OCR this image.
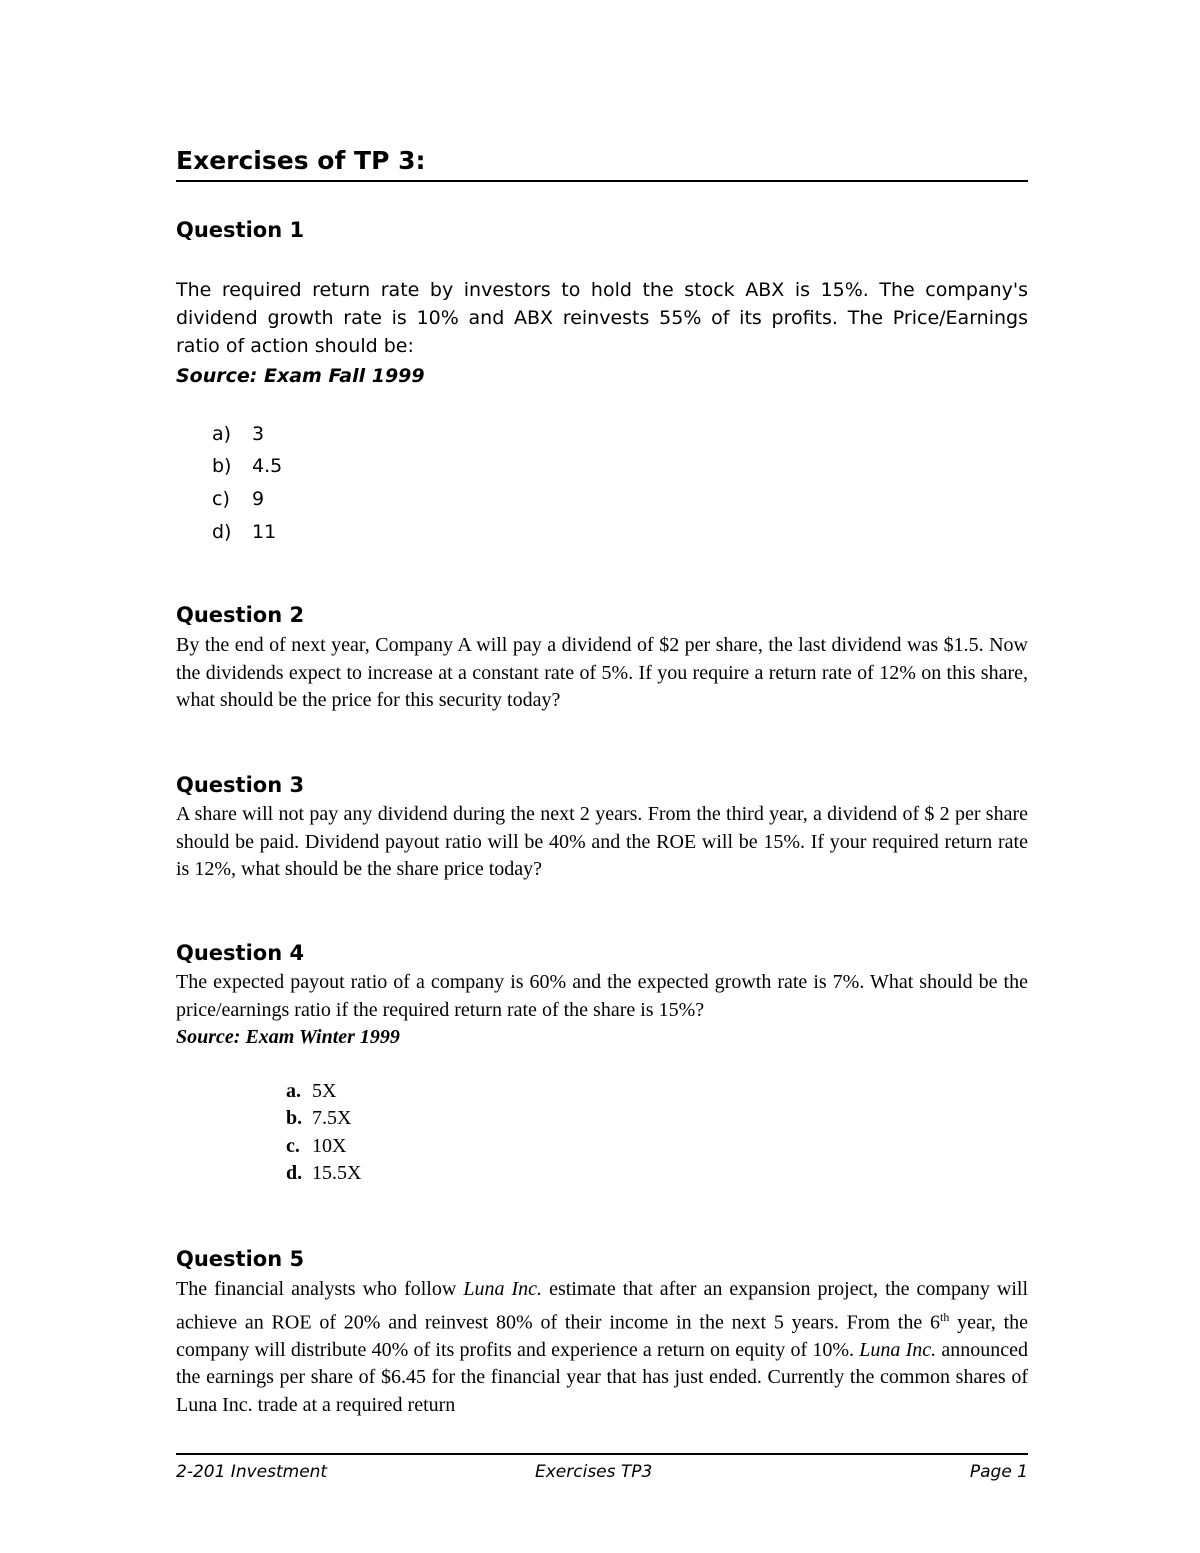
Exercises of TP 3:
Question 1

The required return rate by investors to hold the stock ABX is 15%. The company's dividend growth rate is 10% and ABX reinvests 55% of its profits. The Price/Earnings ratio of action should be:

Source: Exam Fall 1999

a) 3

b) 4.5

c) 9

d) 11

Question 2

By the end of next year, Company A will pay a dividend of $2 per share, the last dividend was $1.5. Now the dividends expect to increase at a constant rate of 5%. If you require a return rate of 12% on this share, what should be the price for this security today?

Question 3

A share will not pay any dividend during the next 2 years. From the third year, a dividend of $ 2 per share should be paid. Dividend payout ratio will be 40% and the ROE will be 15%. If your required return rate is 12%, what should be the share price today?

Question 4

The expected payout ratio of a company is 60% and the expected growth rate is 7%. What should be the price/earnings ratio if the required return rate of the share is 15%?

Source: Exam Winter 1999

a. 5X

b. 7.5X

c. 10X

d. 15.5X

Question 5

The financial analysts who follow Luna Inc. estimate that after an expansion project, the company will achieve an ROE of 20% and reinvest 80% of their income in the next 5 years. From the 6th year, the company will distribute 40% of its profits and experience a return on equity of 10%. Luna Inc. announced the earnings per share of $6.45 for the financial year that has just ended. Currently the common shares of Luna Inc. trade at a required return

2-201 Investment	Exercises TP3	Page 1
